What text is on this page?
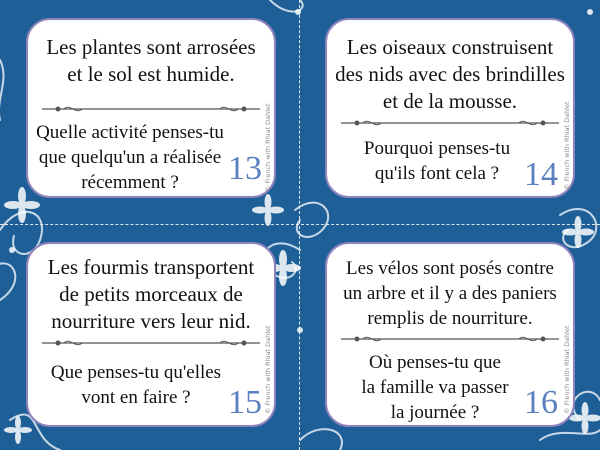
Les plantes sont arrosées
et le sol est humide.
Quelle activité penses-tu
que quelqu'un a réalisée
récemment ?	13 © French with Rhiat Dahlet
Les oiseaux construisent
des nids avec des brindilles
et de la mousse.
Pourquoi penses-tu
qu'ils font cela ? 14 © French with Rhiat Dahlet
Les fourmis transportent
de petits morceaux de
nourriture vers leur nid.
Que penses-tu qu'elles
vont en faire ?	15 © French with Rhiat Dahlet
Les vélos sont posés contre
un arbre et il y a des paniers
remplis de nourriture.
Où penses-tu que
la famille va passer
la journée ?	16 © French with Rhiat Dahlet
